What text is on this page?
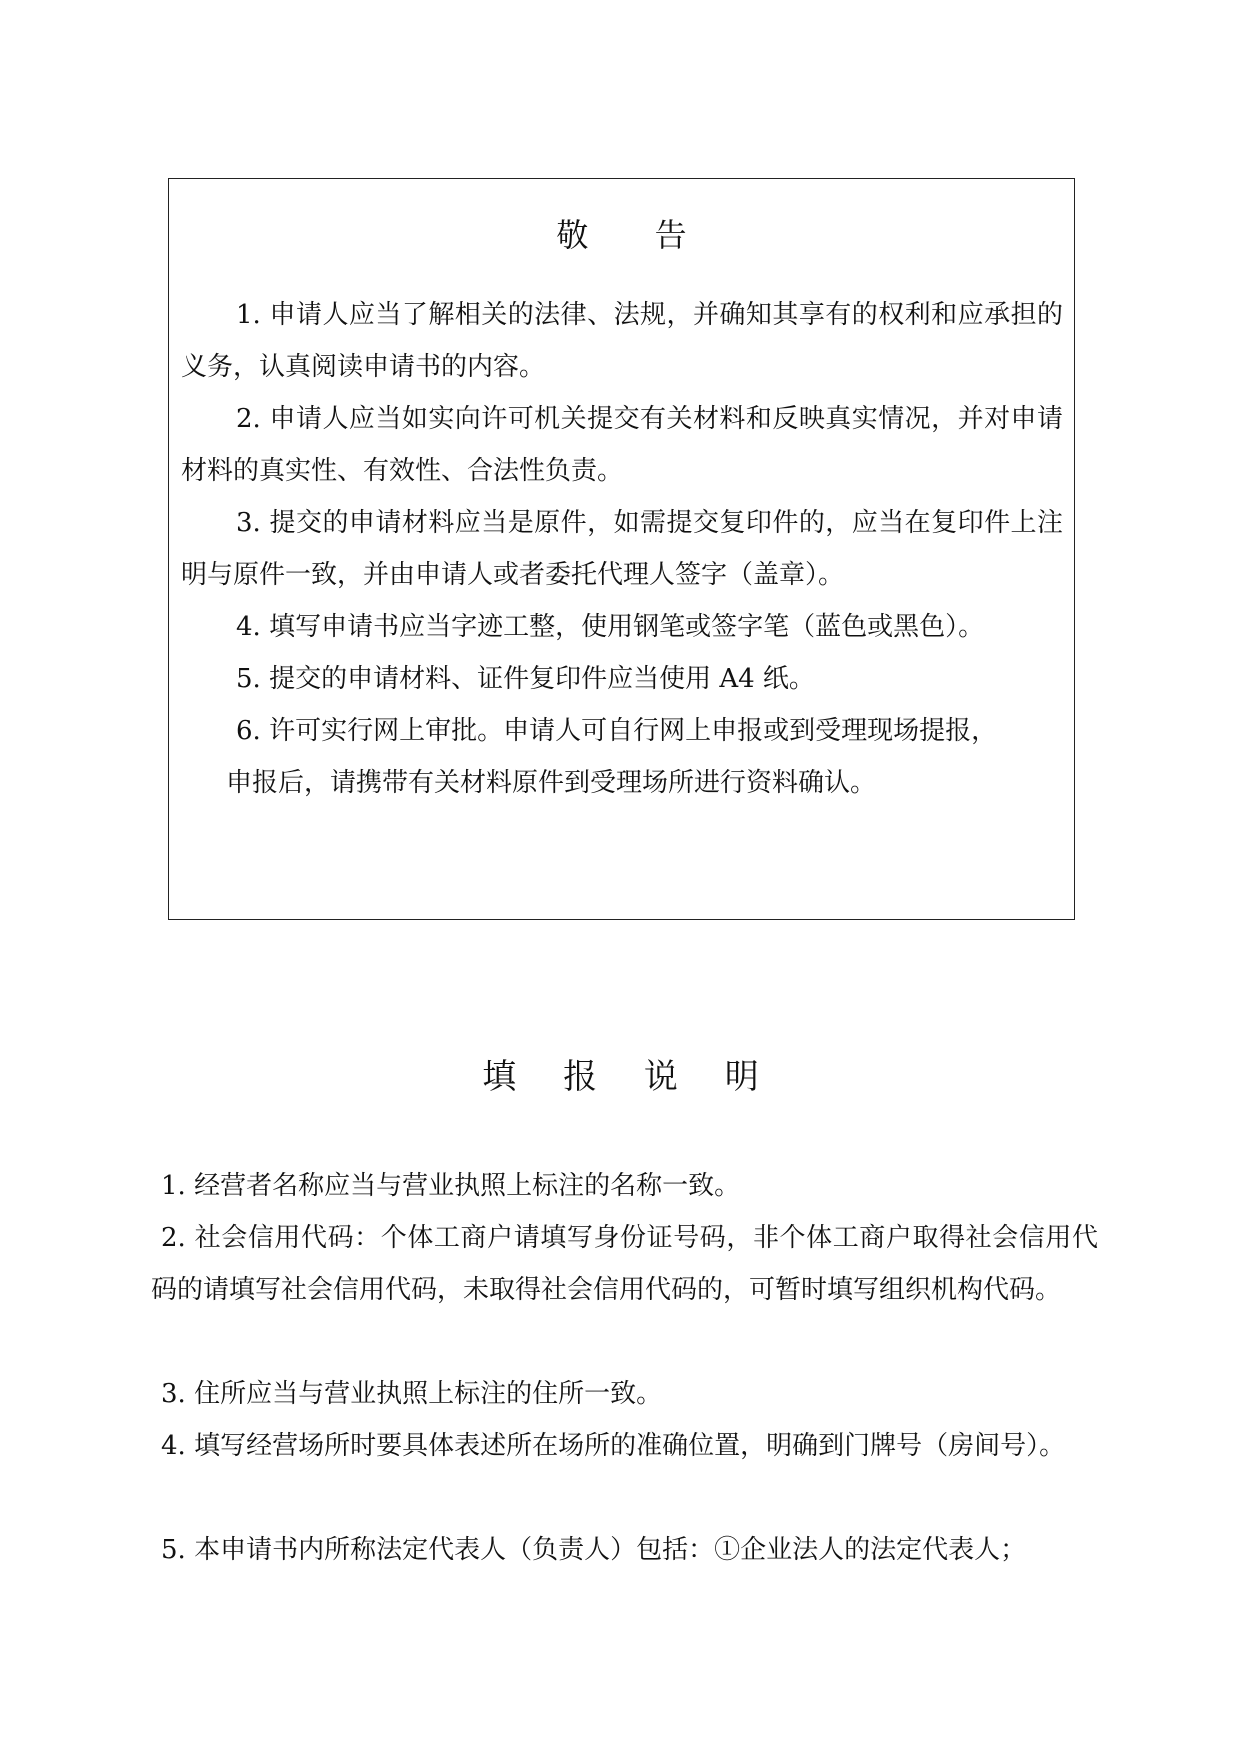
敬 告

1. 申请人应当了解相关的法律、法规，并确知其享有的权利和应承担的义务，认真阅读申请书的内容。

2. 申请人应当如实向许可机关提交有关材料和反映真实情况，并对申请材料的真实性、有效性、合法性负责。

3. 提交的申请材料应当是原件，如需提交复印件的，应当在复印件上注明与原件一致，并由申请人或者委托代理人签字（盖章）。

4. 填写申请书应当字迹工整，使用钢笔或签字笔（蓝色或黑色）。

5. 提交的申请材料、证件复印件应当使用 A4 纸。

6. 许可实行网上审批。申请人可自行网上申报或到受理现场提报，

申报后，请携带有关材料原件到受理场所进行资料确认。

填 报 说 明

1. 经营者名称应当与营业执照上标注的名称一致。

2. 社会信用代码：个体工商户请填写身份证号码，非个体工商户取得社会信用代码的请填写社会信用代码，未取得社会信用代码的，可暂时填写组织机构代码。

3. 住所应当与营业执照上标注的住所一致。

4. 填写经营场所时要具体表述所在场所的准确位置，明确到门牌号（房间号）。

5. 本申请书内所称法定代表人（负责人）包括：①企业法人的法定代表人；
